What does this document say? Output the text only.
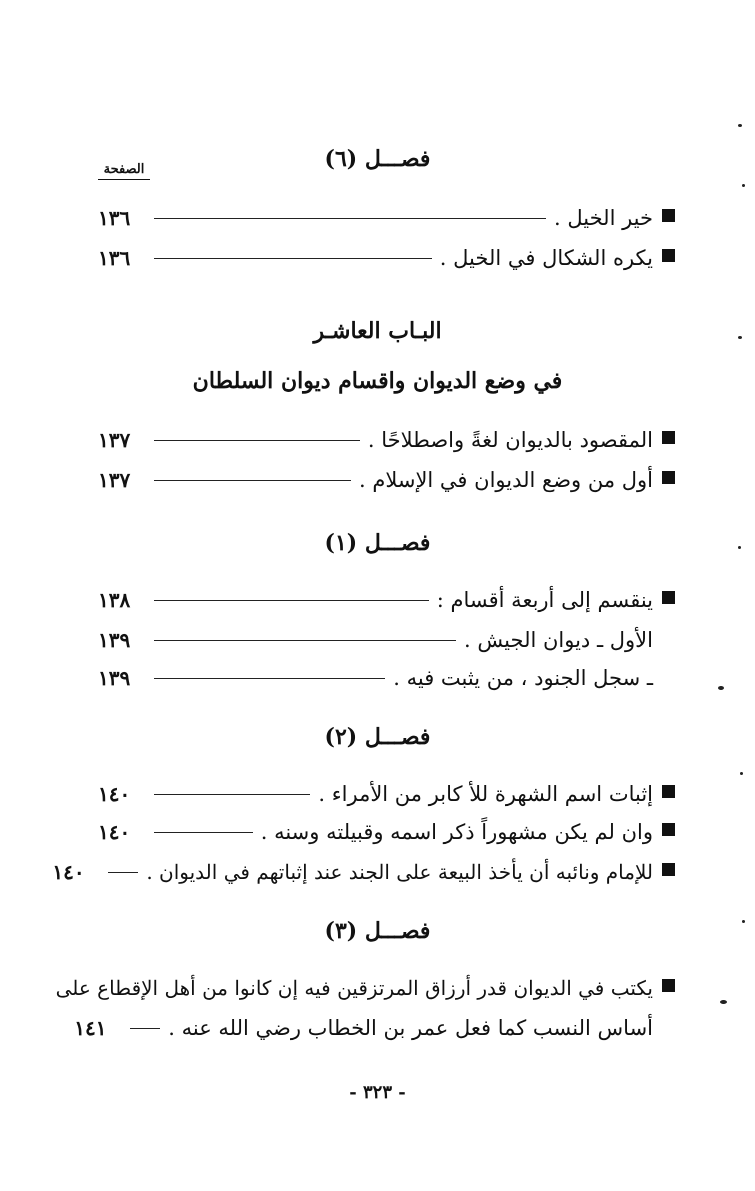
الصفحة	فصـــل (٦)
خير الخيل .
١٣٦
يكره الشكال في الخيل .
١٣٦
البـاب العاشـر
في وضع الديوان واقسام ديوان السلطان
المقصود بالديوان لغةً واصطلاحًا .
١٣٧
أول من وضع الديوان في الإسلام .
١٣٧
فصـــل (١)
ينقسم إلى أربعة أقسام :
١٣٨
الأول ـ ديوان الجيش .
١٣٩
ـ سجل الجنود ، من يثبت فيه .
١٣٩
فصـــل (٢)
إثبات اسم الشهرة للأ كابر من الأمراء .
١٤٠
وان لم يكن مشهوراً ذكر اسمه وقبيلته وسنه .
١٤٠
للإمام ونائبه أن يأخذ البيعة على الجند عند إثباتهم في الديوان .
١٤٠
فصـــل (٣)
يكتب في الديوان قدر أرزاق المرتزقين فيه إن كانوا من أهل الإقطاع على
أساس النسب كما فعل عمر بن الخطاب رضي الله عنه .
١٤١
- ٣٢٣ -
